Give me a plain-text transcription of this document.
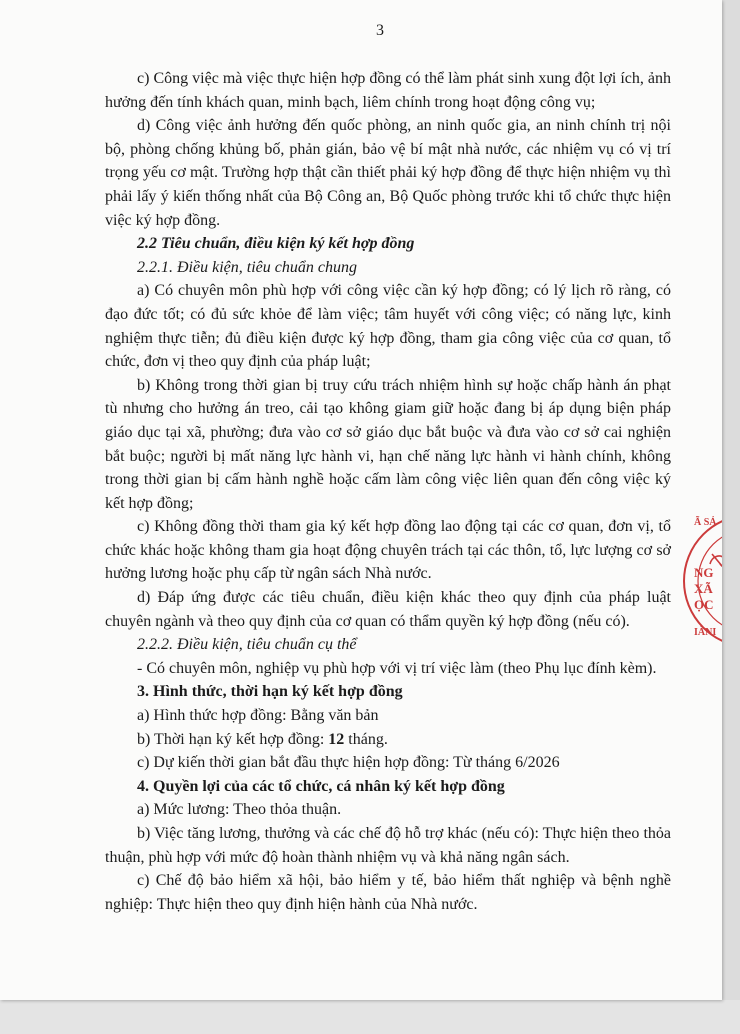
3

c) Công việc mà việc thực hiện hợp đồng có thể làm phát sinh xung đột lợi ích, ảnh hưởng đến tính khách quan, minh bạch, liêm chính trong hoạt động công vụ;

d) Công việc ảnh hưởng đến quốc phòng, an ninh quốc gia, an ninh chính trị nội bộ, phòng chống khủng bố, phản gián, bảo vệ bí mật nhà nước, các nhiệm vụ có vị trí trọng yếu cơ mật. Trường hợp thật cần thiết phải ký hợp đồng để thực hiện nhiệm vụ thì phải lấy ý kiến thống nhất của Bộ Công an, Bộ Quốc phòng trước khi tổ chức thực hiện việc ký hợp đồng.

2.2 Tiêu chuẩn, điều kiện ký kết hợp đồng

2.2.1. Điều kiện, tiêu chuẩn chung

a) Có chuyên môn phù hợp với công việc cần ký hợp đồng; có lý lịch rõ ràng, có đạo đức tốt; có đủ sức khỏe để làm việc; tâm huyết với công việc; có năng lực, kinh nghiệm thực tiễn; đủ điều kiện được ký hợp đồng, tham gia công việc của cơ quan, tổ chức, đơn vị theo quy định của pháp luật;

b) Không trong thời gian bị truy cứu trách nhiệm hình sự hoặc chấp hành án phạt tù nhưng cho hưởng án treo, cải tạo không giam giữ hoặc đang bị áp dụng biện pháp giáo dục tại xã, phường; đưa vào cơ sở giáo dục bắt buộc và đưa vào cơ sở cai nghiện bắt buộc; người bị mất năng lực hành vi, hạn chế năng lực hành vi hành chính, không trong thời gian bị cấm hành nghề hoặc cấm làm công việc liên quan đến công việc ký kết hợp đồng;

c) Không đồng thời tham gia ký kết hợp đồng lao động tại các cơ quan, đơn vị, tổ chức khác hoặc không tham gia hoạt động chuyên trách tại các thôn, tổ, lực lượng cơ sở hưởng lương hoặc phụ cấp từ ngân sách Nhà nước.

d) Đáp ứng được các tiêu chuẩn, điều kiện khác theo quy định của pháp luật chuyên ngành và theo quy định của cơ quan có thẩm quyền ký hợp đồng (nếu có).

2.2.2. Điều kiện, tiêu chuẩn cụ thể

- Có chuyên môn, nghiệp vụ phù hợp với vị trí việc làm (theo Phụ lục đính kèm).

3. Hình thức, thời hạn ký kết hợp đồng

a) Hình thức hợp đồng: Bằng văn bản

b) Thời hạn ký kết hợp đồng: 12 tháng.

c) Dự kiến thời gian bắt đầu thực hiện hợp đồng: Từ tháng 6/2026

4. Quyền lợi của các tổ chức, cá nhân ký kết hợp đồng

a) Mức lương: Theo thỏa thuận.

b) Việc tăng lương, thưởng và các chế độ hỗ trợ khác (nếu có): Thực hiện theo thỏa thuận, phù hợp với mức độ hoàn thành nhiệm vụ và khả năng ngân sách.

c) Chế độ bảo hiểm xã hội, bảo hiểm y tế, bảo hiểm thất nghiệp và bệnh nghề nghiệp: Thực hiện theo quy định hiện hành của Nhà nước.

Ã SẢ
NG
XÃ
ỌC
IÀNI
